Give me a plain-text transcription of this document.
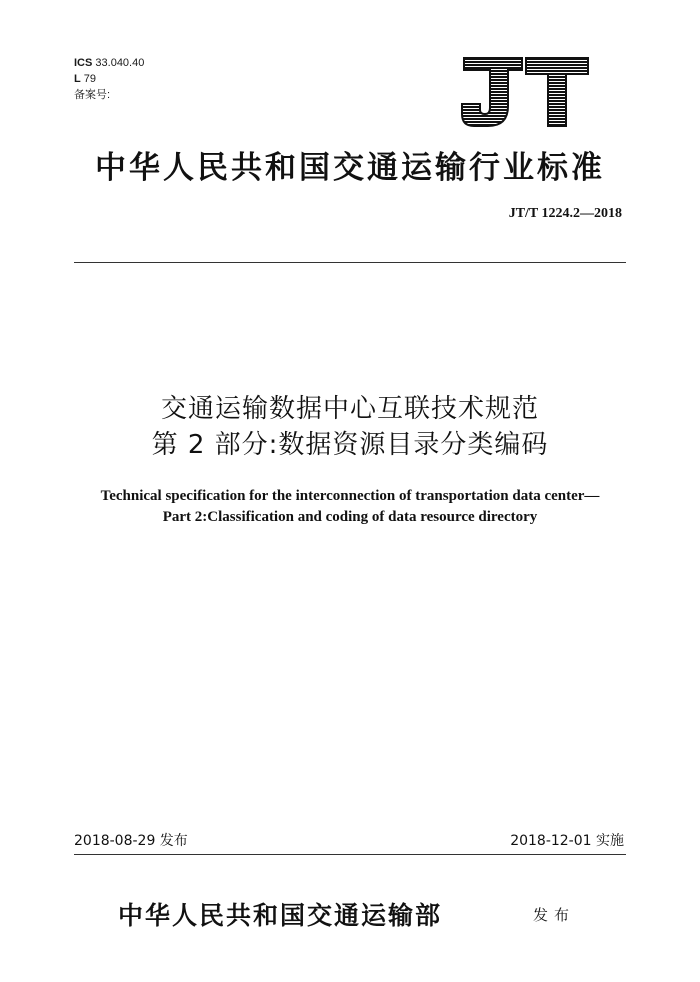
ICS 33.040.40
L 79
备案号:
中华人民共和国交通运输行业标准
JT/T 1224.2—2018
交通运输数据中心互联技术规范
第 2 部分:数据资源目录分类编码
Technical specification for the interconnection of transportation data center—
Part 2:Classification and coding of data resource directory
2018-08-29 发布	2018-12-01 实施
中华人民共和国交通运输部	发布
